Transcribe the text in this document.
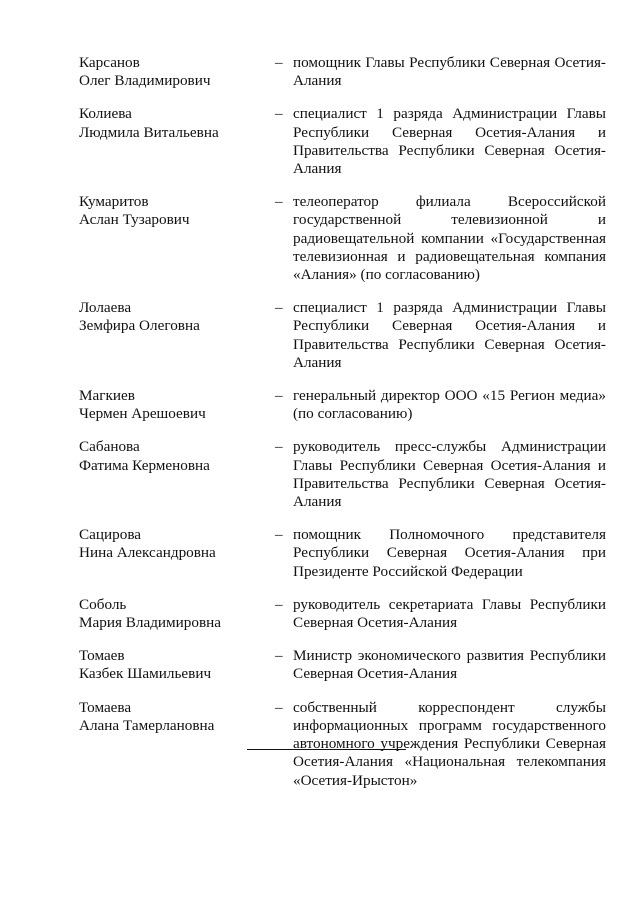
Карсанов
Олег Владимирович
– помощник Главы Республики Северная Осетия-Алания
Колиева
Людмила Витальевна
– специалист 1 разряда Администрации Главы Республики Северная Осетия-Алания и Правительства Республики Северная Осетия-Алания
Кумаритов
Аслан Тузарович
– телеоператор филиала Всероссийской государственной телевизионной и радиовещательной компании «Государственная телевизионная и радиовещательная компания «Алания» (по согласованию)
Лолаева
Земфира Олеговна
– специалист 1 разряда Администрации Главы Республики Северная Осетия-Алания и Правительства Республики Северная Осетия-Алания
Магкиев
Чермен Арешоевич
– генеральный директор ООО «15 Регион медиа» (по согласованию)
Сабанова
Фатима Керменовна
– руководитель пресс-службы Администрации Главы Республики Северная Осетия-Алания и Правительства Республики Северная Осетия-Алания
Сацирова
Нина Александровна
– помощник Полномочного представителя Республики Северная Осетия-Алания при Президенте Российской Федерации
Соболь
Мария Владимировна
– руководитель секретариата Главы Республики Северная Осетия-Алания
Томаев
Казбек Шамильевич
– Министр экономического развития Республики Северная Осетия-Алания
Томаева
Алана Тамерлановна
– собственный корреспондент службы информационных программ государственного автономного учреждения Республики Северная Осетия-Алания «Национальная телекомпания «Осетия-Ирыстон»
